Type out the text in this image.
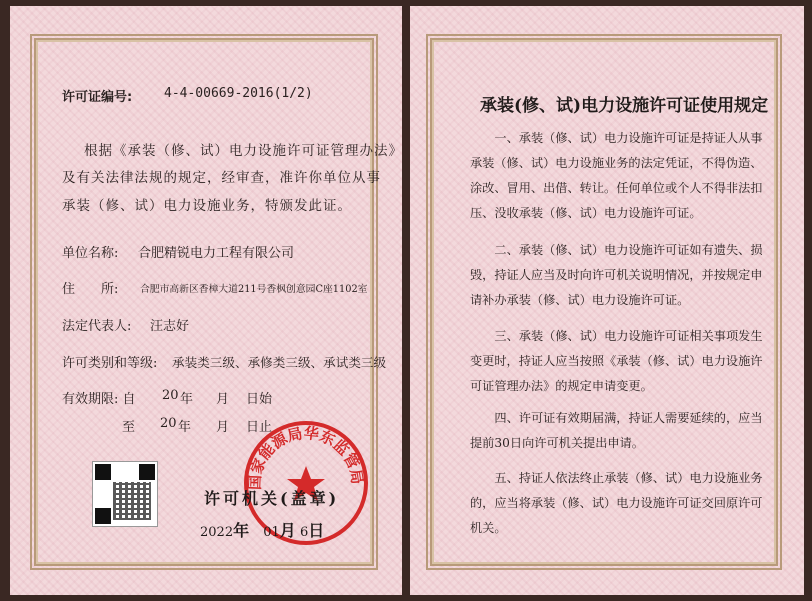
许可证编号: 4-4-00669-2016(1/2)
根据《承装（修、试）电力设施许可证管理办法》
及有关法律法规的规定，经审查，准许你单位从事
承装（修、试）电力设施业务，特颁发此证。
单位名称: 合肥精锐电力工程有限公司
住　　所: 合肥市高新区香樟大道211号香枫创意园C座1102室
法定代表人: 汪志好
许可类别和等级: 承装类三级、承修类三级、承试类三级
有效期限: 自 20 年 月 日始
至 20 年 月 日止
国家能源局华东监管局
许可机关(盖章)
2022年 01月 6日
承装(修、试)电力设施许可证使用规定

一、承装（修、试）电力设施许可证是持证人从事承装（修、试）电力设施业务的法定凭证，不得伪造、涂改、冒用、出借、转让。任何单位或个人不得非法扣压、没收承装（修、试）电力设施许可证。

二、承装（修、试）电力设施许可证如有遗失、损毁，持证人应当及时向许可机关说明情况，并按规定申请补办承装（修、试）电力设施许可证。

三、承装（修、试）电力设施许可证相关事项发生变更时，持证人应当按照《承装（修、试）电力设施许可证管理办法》的规定申请变更。

四、许可证有效期届满，持证人需要延续的，应当提前30日向许可机关提出申请。

五、持证人依法终止承装（修、试）电力设施业务的，应当将承装（修、试）电力设施许可证交回原许可机关。
